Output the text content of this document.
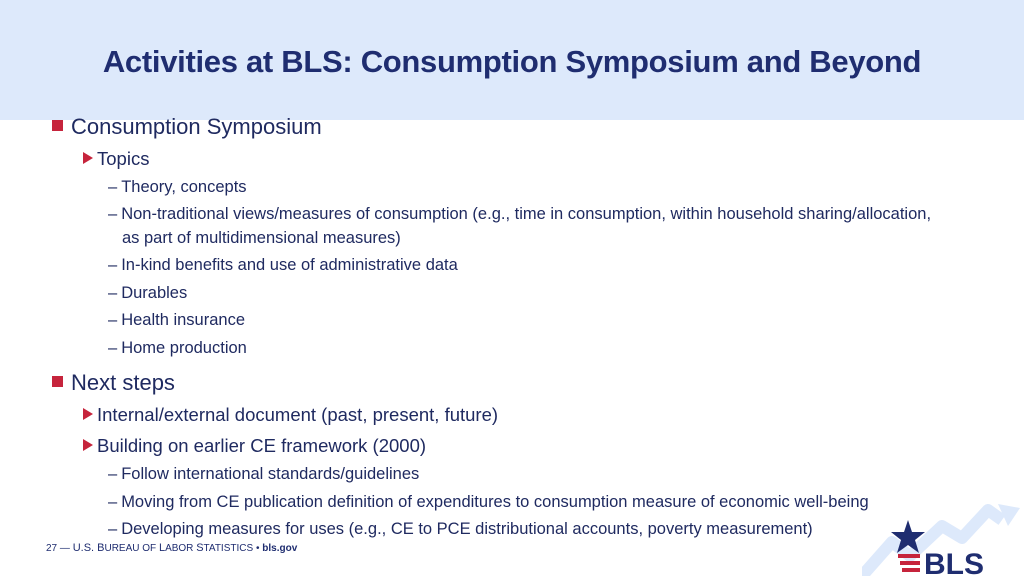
Activities at BLS: Consumption Symposium and Beyond
Consumption Symposium
Topics
– Theory, concepts
– Non-traditional views/measures of consumption (e.g., time in consumption, within household sharing/allocation,
as part of multidimensional measures)
– In-kind benefits and use of administrative data
– Durables
– Health insurance
– Home production
Next steps
Internal/external document (past, present, future)
Building on earlier CE framework (2000)
– Follow international standards/guidelines
– Moving from CE publication definition of expenditures to consumption measure of economic well-being
– Developing measures for uses (e.g., CE to PCE distributional accounts, poverty measurement)
27 — U.S. BUREAU OF LABOR STATISTICS • bls.gov	BLS
